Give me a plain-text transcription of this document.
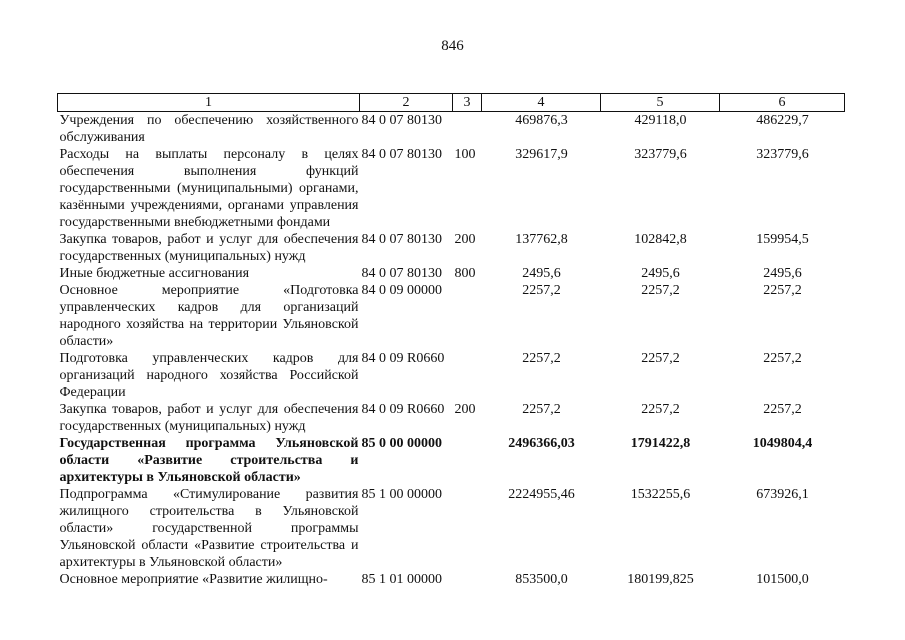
846
1	2	3	4	5	6
Учреждения по обеспечению хозяйственного обслуживания	84 0 07 80130		469876,3	429118,0	486229,7
Расходы на выплаты персоналу в целях обеспечения выполнения функций государственными (муниципальными) органами, казёнными учреждениями, органами управления государственными внебюджетными фондами	84 0 07 80130	100	329617,9	323779,6	323779,6
Закупка товаров, работ и услуг для обеспечения государственных (муниципальных) нужд	84 0 07 80130	200	137762,8	102842,8	159954,5
Иные бюджетные ассигнования	84 0 07 80130	800	2495,6	2495,6	2495,6
Основное мероприятие «Подготовка управленческих кадров для организаций народного хозяйства на территории Ульяновской области»	84 0 09 00000		2257,2	2257,2	2257,2
Подготовка управленческих кадров для организаций народного хозяйства Российской Федерации	84 0 09 R0660		2257,2	2257,2	2257,2
Закупка товаров, работ и услуг для обеспечения государственных (муниципальных) нужд	84 0 09 R0660	200	2257,2	2257,2	2257,2
Государственная программа Ульяновской области «Развитие строительства и архитектуры в Ульяновской области»	85 0 00 00000		2496366,03	1791422,8	1049804,4
Подпрограмма «Стимулирование развития жилищного строительства в Ульяновской области» государственной программы Ульяновской области «Развитие строительства и архитектуры в Ульяновской области»	85 1 00 00000		2224955,46	1532255,6	673926,1
Основное мероприятие «Развитие жилищно-	85 1 01 00000		853500,0	180199,825	101500,0
